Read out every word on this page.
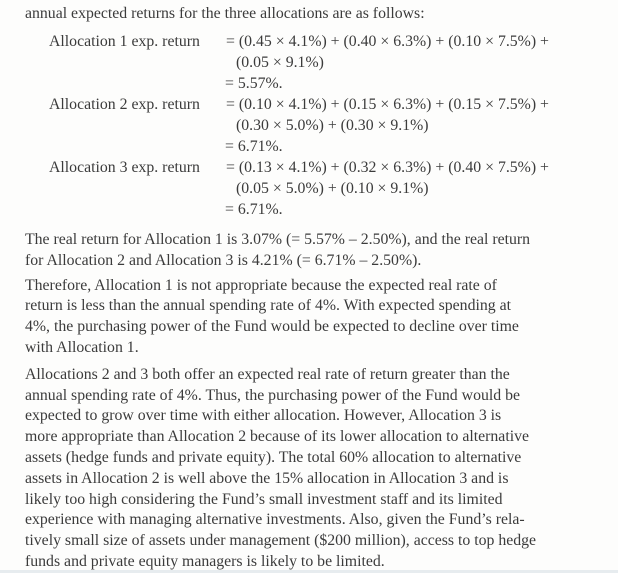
annual expected returns for the three allocations are as follows:

Allocation 1 exp. return	= (0.45 × 4.1%) + (0.40 × 6.3%) + (0.10 × 7.5%) +
(0.05 × 9.1%)
= 5.57%.
Allocation 2 exp. return	= (0.10 × 4.1%) + (0.15 × 6.3%) + (0.15 × 7.5%) +
(0.30 × 5.0%) + (0.30 × 9.1%)
= 6.71%.
Allocation 3 exp. return	= (0.13 × 4.1%) + (0.32 × 6.3%) + (0.40 × 7.5%) +
(0.05 × 5.0%) + (0.10 × 9.1%)
= 6.71%.

The real return for Allocation 1 is 3.07% (= 5.57% – 2.50%), and the real return
for Allocation 2 and Allocation 3 is 4.21% (= 6.71% – 2.50%).

Therefore, Allocation 1 is not appropriate because the expected real rate of
return is less than the annual spending rate of 4%. With expected spending at
4%, the purchasing power of the Fund would be expected to decline over time
with Allocation 1.

Allocations 2 and 3 both offer an expected real rate of return greater than the
annual spending rate of 4%. Thus, the purchasing power of the Fund would be
expected to grow over time with either allocation. However, Allocation 3 is
more appropriate than Allocation 2 because of its lower allocation to alternative
assets (hedge funds and private equity). The total 60% allocation to alternative
assets in Allocation 2 is well above the 15% allocation in Allocation 3 and is
likely too high considering the Fund’s small investment staff and its limited
experience with managing alternative investments. Also, given the Fund’s rela-
tively small size of assets under management ($200 million), access to top hedge
funds and private equity managers is likely to be limited.
